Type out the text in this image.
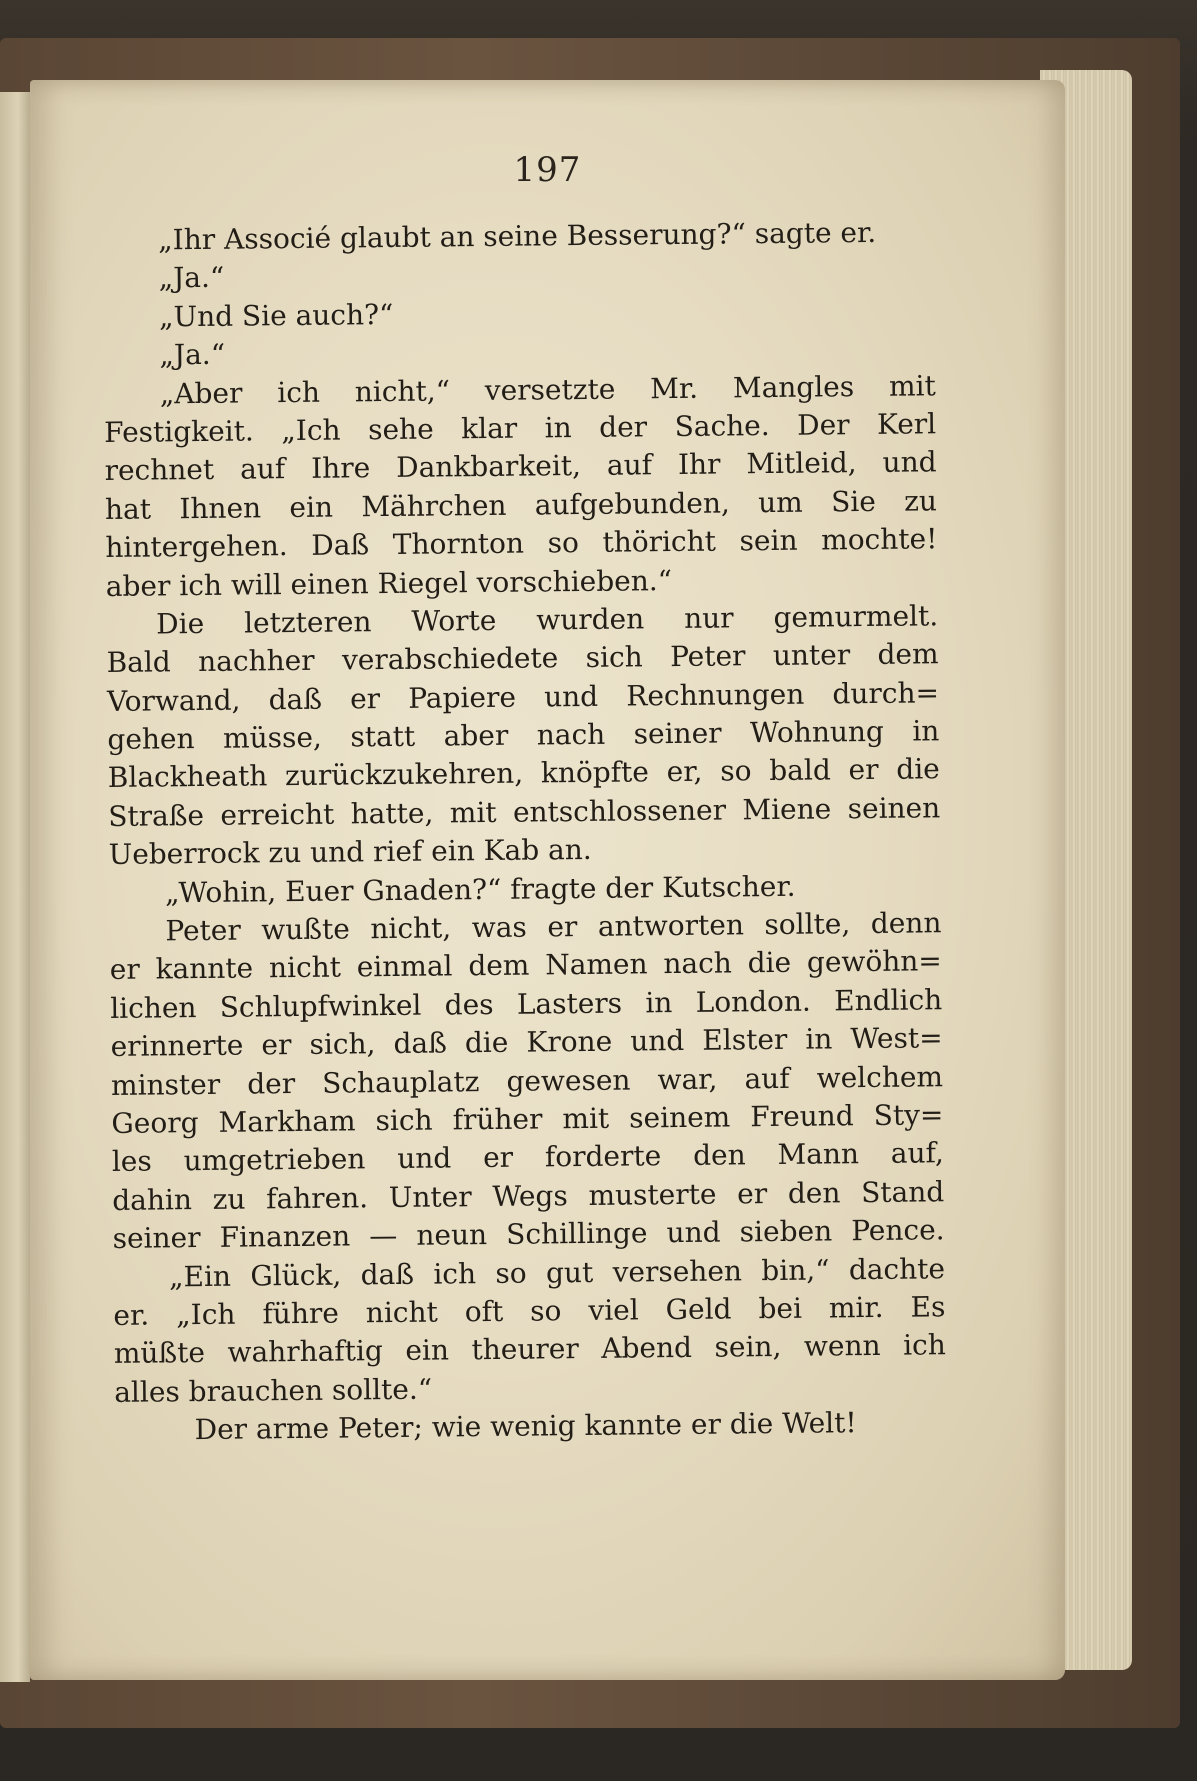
197
„Ihr Associé glaubt an seine Besserung?“ sagte er.
„Ja.“
„Und Sie auch?“
„Ja.“
„Aber ich nicht,“ versetzte Mr. Mangles mit
Festigkeit. „Ich sehe klar in der Sache. Der Kerl
rechnet auf Ihre Dankbarkeit, auf Ihr Mitleid, und
hat Ihnen ein Mährchen aufgebunden, um Sie zu
hintergehen. Daß Thornton so thöricht sein mochte!
aber ich will einen Riegel vorschieben.“
Die letzteren Worte wurden nur gemurmelt.
Bald nachher verabschiedete sich Peter unter dem
Vorwand, daß er Papiere und Rechnungen durch=
gehen müsse, statt aber nach seiner Wohnung in
Blackheath zurückzukehren, knöpfte er, so bald er die
Straße erreicht hatte, mit entschlossener Miene seinen
Ueberrock zu und rief ein Kab an.
„Wohin, Euer Gnaden?“ fragte der Kutscher.
Peter wußte nicht, was er antworten sollte, denn
er kannte nicht einmal dem Namen nach die gewöhn=
lichen Schlupfwinkel des Lasters in London. Endlich
erinnerte er sich, daß die Krone und Elster in West=
minster der Schauplatz gewesen war, auf welchem
Georg Markham sich früher mit seinem Freund Sty=
les umgetrieben und er forderte den Mann auf,
dahin zu fahren. Unter Wegs musterte er den Stand
seiner Finanzen — neun Schillinge und sieben Pence.
„Ein Glück, daß ich so gut versehen bin,“ dachte
er. „Ich führe nicht oft so viel Geld bei mir. Es
müßte wahrhaftig ein theurer Abend sein, wenn ich
alles brauchen sollte.“
Der arme Peter; wie wenig kannte er die Welt!
